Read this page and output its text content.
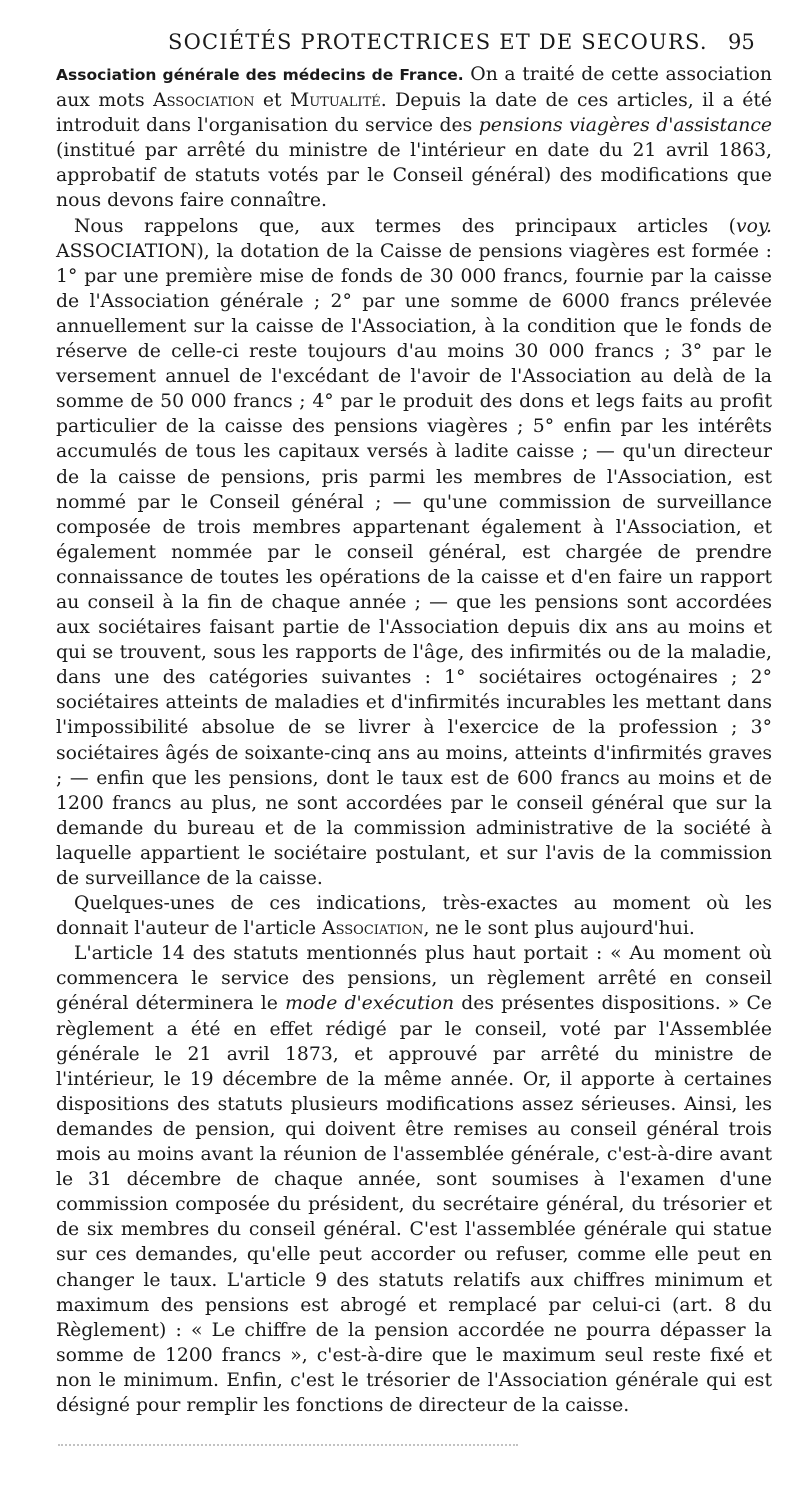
SOCIÉTÉS PROTECTRICES ET DE SECOURS. 95

Association générale des médecins de France. On a traité de cette association aux mots Association et Mutualité. Depuis la date de ces articles, il a été introduit dans l'organisation du service des pensions viagères d'assistance (institué par arrêté du ministre de l'intérieur en date du 21 avril 1863, approbatif de statuts votés par le Conseil général) des modifications que nous devons faire connaître.

Nous rappelons que, aux termes des principaux articles (voy. ASSOCIATION), la dotation de la Caisse de pensions viagères est formée : 1° par une première mise de fonds de 30 000 francs, fournie par la caisse de l'Association générale ; 2° par une somme de 6000 francs prélevée annuellement sur la caisse de l'Association, à la condition que le fonds de réserve de celle-ci reste toujours d'au moins 30 000 francs ; 3° par le versement annuel de l'excédant de l'avoir de l'Association au delà de la somme de 50 000 francs ; 4° par le produit des dons et legs faits au profit particulier de la caisse des pensions viagères ; 5° enfin par les intérêts accumulés de tous les capitaux versés à ladite caisse ; — qu'un directeur de la caisse de pensions, pris parmi les membres de l'Association, est nommé par le Conseil général ; — qu'une commission de surveillance composée de trois membres appartenant également à l'Association, et également nommée par le conseil général, est chargée de prendre connaissance de toutes les opérations de la caisse et d'en faire un rapport au conseil à la fin de chaque année ; — que les pensions sont accordées aux sociétaires faisant partie de l'Association depuis dix ans au moins et qui se trouvent, sous les rapports de l'âge, des infirmités ou de la maladie, dans une des catégories suivantes : 1° sociétaires octogénaires ; 2° sociétaires atteints de maladies et d'infirmités incurables les mettant dans l'impossibilité absolue de se livrer à l'exercice de la profession ; 3° sociétaires âgés de soixante-cinq ans au moins, atteints d'infirmités graves ; — enfin que les pensions, dont le taux est de 600 francs au moins et de 1200 francs au plus, ne sont accordées par le conseil général que sur la demande du bureau et de la commission administrative de la société à laquelle appartient le sociétaire postulant, et sur l'avis de la commission de surveillance de la caisse.

Quelques-unes de ces indications, très-exactes au moment où les donnait l'auteur de l'article Association, ne le sont plus aujourd'hui.

L'article 14 des statuts mentionnés plus haut portait : « Au moment où commencera le service des pensions, un règlement arrêté en conseil général déterminera le mode d'exécution des présentes dispositions. » Ce règlement a été en effet rédigé par le conseil, voté par l'Assemblée générale le 21 avril 1873, et approuvé par arrêté du ministre de l'intérieur, le 19 décembre de la même année. Or, il apporte à certaines dispositions des statuts plusieurs modifications assez sérieuses. Ainsi, les demandes de pension, qui doivent être remises au conseil général trois mois au moins avant la réunion de l'assemblée générale, c'est-à-dire avant le 31 décembre de chaque année, sont soumises à l'examen d'une commission composée du président, du secrétaire général, du trésorier et de six membres du conseil général. C'est l'assemblée générale qui statue sur ces demandes, qu'elle peut accorder ou refuser, comme elle peut en changer le taux. L'article 9 des statuts relatifs aux chiffres minimum et maximum des pensions est abrogé et remplacé par celui-ci (art. 8 du Règlement) : « Le chiffre de la pension accordée ne pourra dépasser la somme de 1200 francs », c'est-à-dire que le maximum seul reste fixé et non le minimum. Enfin, c'est le trésorier de l'Association générale qui est désigné pour remplir les fonctions de directeur de la caisse.
